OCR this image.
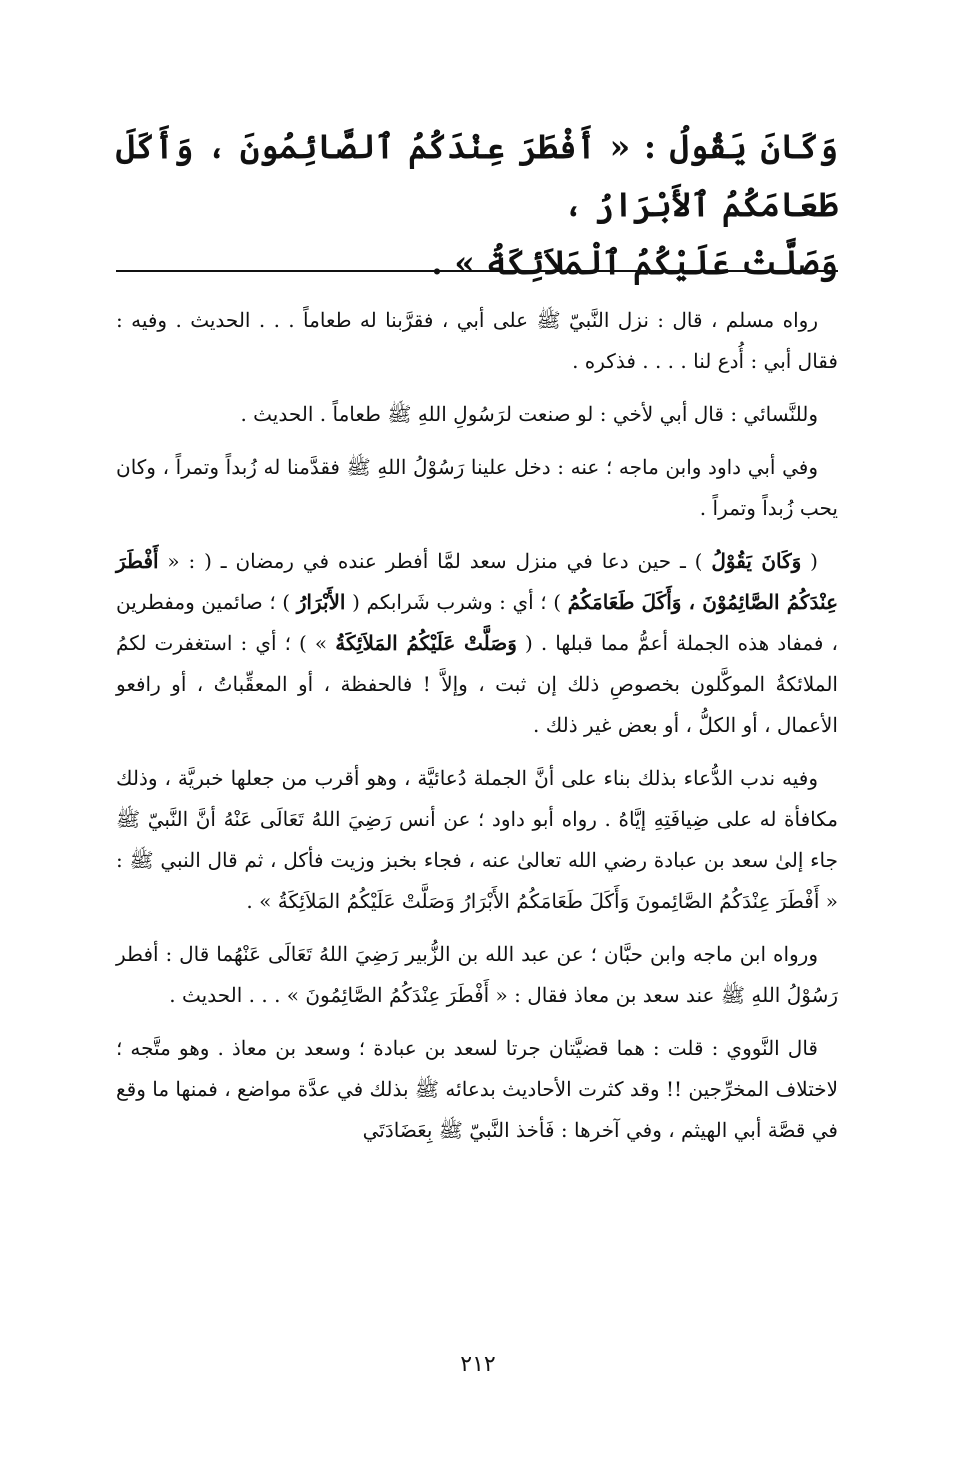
وَكَانَ يَقُولُ : « أَفْطَرَ عِنْدَكُمُ ٱلصَّائِمُونَ ، وَأَكَلَ طَعَامَكُمُ ٱلأَبْرَارُ ،

وَصَلَّتْ عَلَيْكُمُ ٱلْمَلاَئِكَةُ » .

رواه مسلم ، قال : نزل النَّبيّ ﷺ على أبي ، فقرَّبنا له طعاماً . . . الحديث . وفيه : فقال أبي : أُدع لنا . . . . فذكره .

وللنَّسائي : قال أبي لأخي : لو صنعت لرَسُولِ اللهِ ﷺ طعاماً . الحديث .

وفي أبي داود وابن ماجه ؛ عنه : دخل علينا رَسُوْلُ اللهِ ﷺ فقدَّمنا له زُبداً وتمراً ، وكان يحب زُبداً وتمراً .

( وَكَانَ يَقُوْلُ ) ـ حين دعا في منزل سعد لمَّا أفطر عنده في رمضان ـ ( : « أَفْطَرَ عِنْدَكُمُ الصَّائِمُوْنَ ، وَأَكَلَ طَعَامَكُمُ ) ؛ أي : وشرب شَرابكم ( الأَبْرَارُ ) ؛ صائمين ومفطرين ، فمفاد هذه الجملة أعمُّ مما قبلها . ( وَصَلَّتْ عَلَيْكُمُ المَلاَئِكَةُ » ) ؛ أي : استغفرت لكمُ الملائكةُ الموكَّلون بخصوصِ ذلك إن ثبت ، وإلاَّ ! فالحفظة ، أو المعقِّباتُ ، أو رافعو الأعمال ، أو الكلُّ ، أو بعض غير ذلك .

وفيه ندب الدُّعاء بذلك بناء على أنَّ الجملة دُعائيَّة ، وهو أقرب من جعلها خبريَّة ، وذلك مكافأة له على ضِيافَتِهِ إيَّاهُ . رواه أبو داود ؛ عن أنس رَضِيَ اللهُ تَعَالَى عَنْهُ أنَّ النَّبيّ ﷺ جاء إلىٰ سعد بن عبادة رضي الله تعالىٰ عنه ، فجاء بخبز وزيت فأكل ، ثم قال النبي ﷺ : « أَفْطَرَ عِنْدَكُمُ الصَّائِمونَ وَأَكَلَ طَعَامَكُمُ الأَبْرَارُ وَصَلَّتْ عَلَيْكُمُ المَلاَئِكَةُ » .

ورواه ابن ماجه وابن حبَّان ؛ عن عبد الله بن الزُّبير رَضِيَ اللهُ تَعَالَى عَنْهُما قال : أفطر رَسُوْلُ اللهِ ﷺ عند سعد بن معاذ فقال : « أَفْطَرَ عِنْدَكُمُ الصَّائِمُونَ » . . . الحديث .

قال النَّووي : قلت : هما قضيَّتان جرتا لسعد بن عبادة ؛ وسعد بن معاذ . وهو متَّجه ؛ لاختلاف المخرِّجين !! وقد كثرت الأحاديث بدعائه ﷺ بذلك في عدَّة مواضع ، فمنها ما وقع في قصَّة أبي الهيثم ، وفي آخرها : فَأخذ النَّبيّ ﷺ بِعَضَادَتَي

٢١٢
